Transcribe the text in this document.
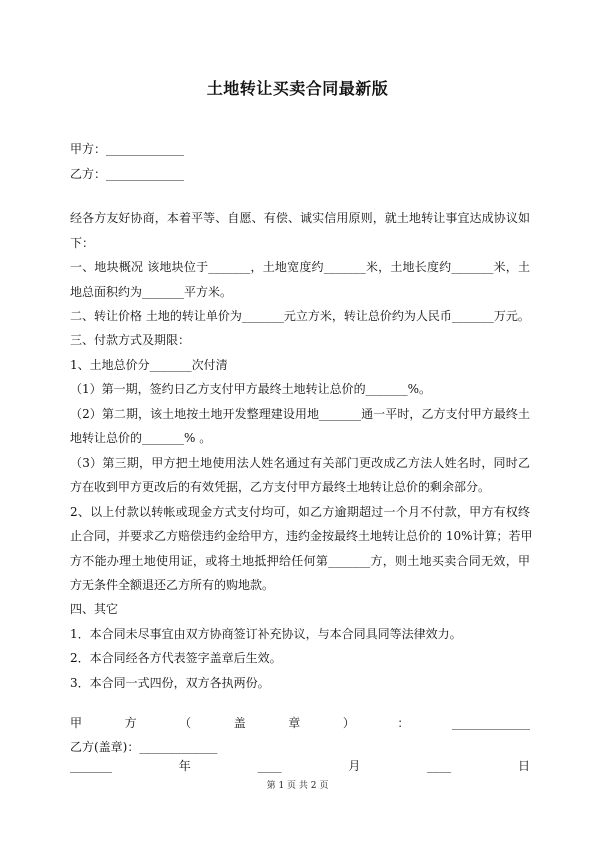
土地转让买卖合同最新版
甲方：_____________
乙方：_____________
经各方友好协商，本着平等、自愿、有偿、诚实信用原则，就土地转让事宜达成协议如
下：
一、地块概况 该地块位于_______，土地宽度约_______米，土地长度约_______米，土
地总面积约为_______平方米。
二、转让价格 土地的转让单价为_______元立方米，转让总价约为人民币_______万元。
三、付款方式及期限：
1、土地总价分_______次付清
（1）第一期，签约日乙方支付甲方最终土地转让总价的_______%。
（2）第二期，该土地按土地开发整理建设用地_______通一平时，乙方支付甲方最终土
地转让总价的_______% 。
（3）第三期，甲方把土地使用法人姓名通过有关部门更改成乙方法人姓名时，同时乙
方在收到甲方更改后的有效凭据，乙方支付甲方最终土地转让总价的剩余部分。
2、以上付款以转帐或现金方式支付均可，如乙方逾期超过一个月不付款，甲方有权终
止合同，并要求乙方赔偿违约金给甲方，违约金按最终土地转让总价的 10%计算；若甲
方不能办理土地使用证，或将土地抵押给任何第_______方，则土地买卖合同无效，甲
方无条件全额退还乙方所有的购地款。
四、其它
1．本合同未尽事宜由双方协商签订补充协议，与本合同具同等法律效力。
2．本合同经各方代表签字盖章后生效。
3．本合同一式四份，双方各执两份。
甲	方	（	盖	章	）	：	_____________
乙方(盖章)：_____________
_______	年	____	月	____	日
第 1 页 共 2 页
